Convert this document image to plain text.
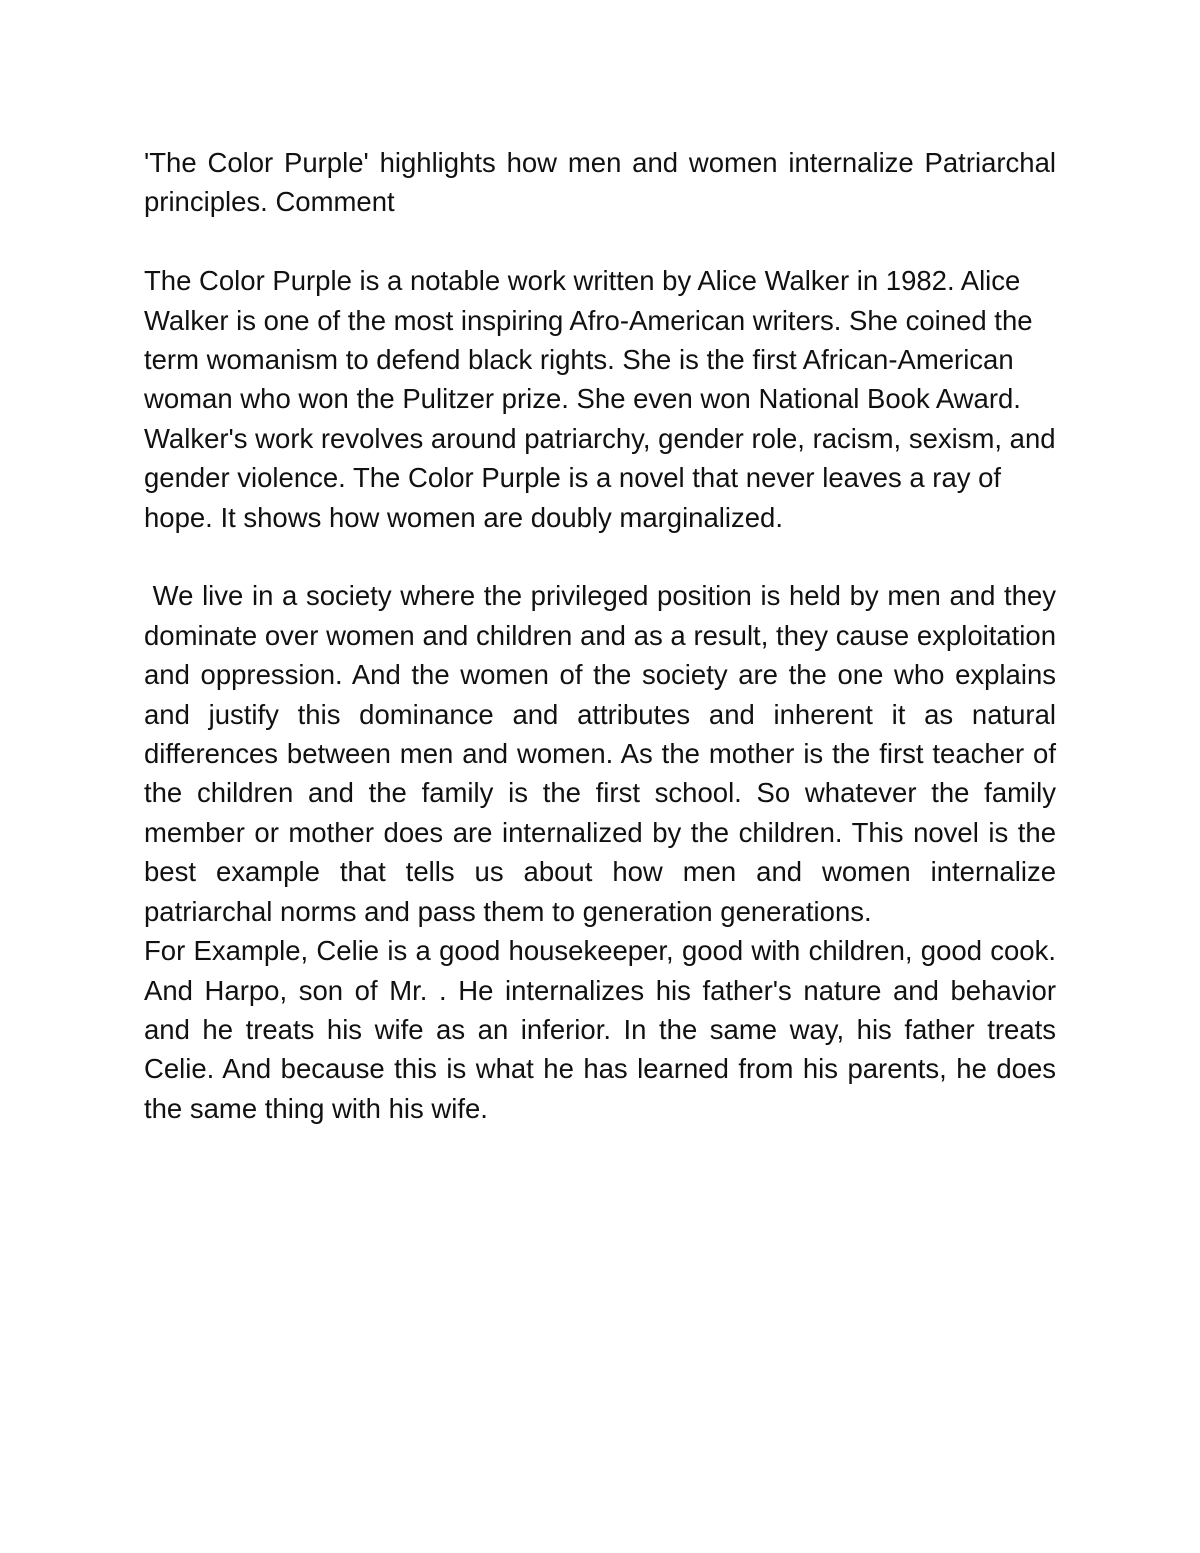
'The Color Purple' highlights how men and women internalize Patriarchal principles. Comment

The Color Purple is a notable work written by Alice Walker in 1982. Alice Walker is one of the most inspiring Afro-American writers. She coined the term womanism to defend black rights. She is the first African-American woman who won the Pulitzer prize. She even won National Book Award. Walker's work revolves around patriarchy, gender role, racism, sexism, and gender violence. The Color Purple is a novel that never leaves a ray of hope. It shows how women are doubly marginalized.

We live in a society where the privileged position is held by men and they dominate over women and children and as a result, they cause exploitation and oppression. And the women of the society are the one who explains and justify this dominance and attributes and inherent it as natural differences between men and women. As the mother is the first teacher of the children and the family is the first school. So whatever the family member or mother does are internalized by the children. This novel is the best example that tells us about how men and women internalize patriarchal norms and pass them to generation generations.

For Example, Celie is a good housekeeper, good with children, good cook. And Harpo, son of Mr. . He internalizes his father's nature and behavior and he treats his wife as an inferior. In the same way, his father treats Celie. And because this is what he has learned from his parents, he does the same thing with his wife.
